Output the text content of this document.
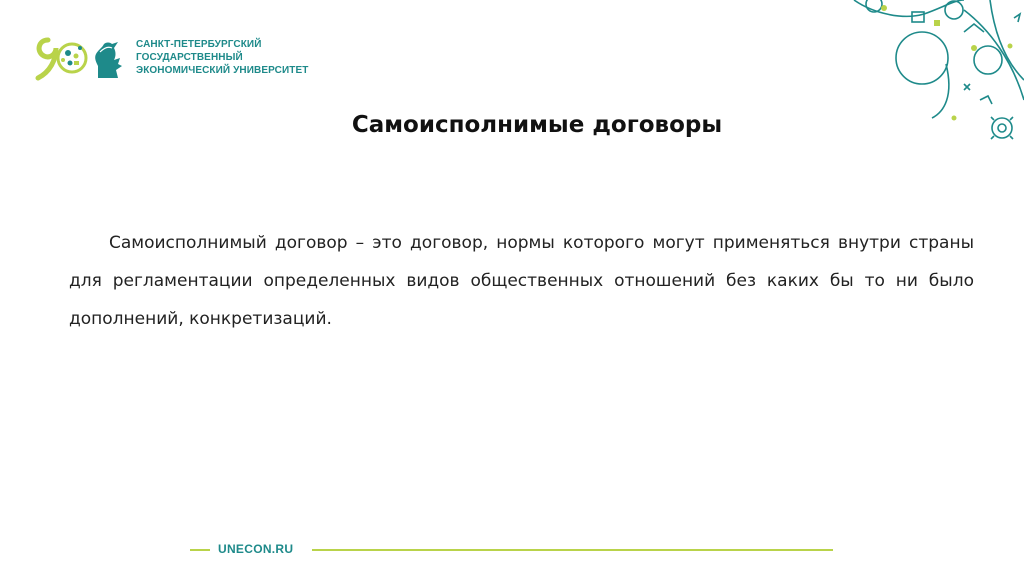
САНКТ-ПЕТЕРБУРГСКИЙ
ГОСУДАРСТВЕННЫЙ
ЭКОНОМИЧЕСКИЙ УНИВЕРСИТЕТ
Самоисполнимые договоры

Самоисполнимый договор – это договор, нормы которого могут применяться внутри страны для регламентации определенных видов общественных отношений без каких бы то ни было дополнений, конкретизаций.

UNECON.RU
